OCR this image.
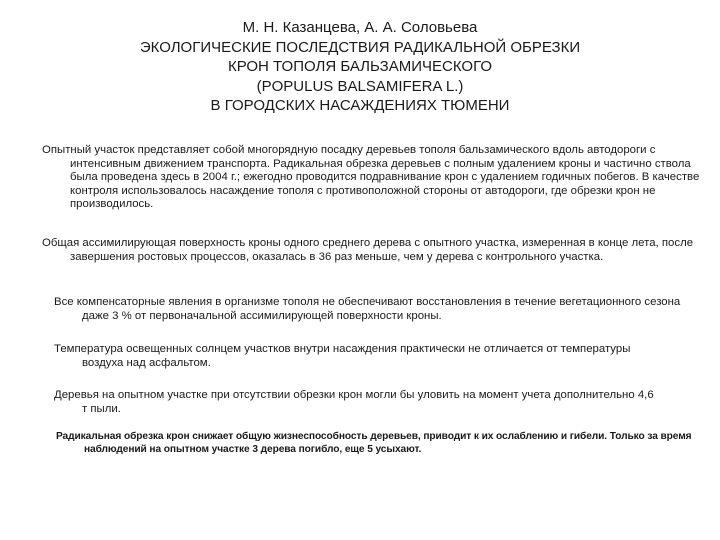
М. Н. Казанцева, А. А. Соловьева
ЭКОЛОГИЧЕСКИЕ ПОСЛЕДСТВИЯ РАДИКАЛЬНОЙ ОБРЕЗКИ
КРОН ТОПОЛЯ БАЛЬЗАМИЧЕСКОГО
(POPULUS BALSAMIFERA L.)
В ГОРОДСКИХ НАСАЖДЕНИЯХ ТЮМЕНИ
Опытный участок представляет собой многорядную посадку деревьев тополя бальзамического вдоль автодороги с интенсивным движением транспорта. Радикальная обрезка деревьев с полным удалением кроны и частично ствола была проведена здесь в 2004 г.; ежегодно проводится подравнивание крон с удалением годичных побегов. В качестве контроля использовалось насаждение тополя с противоположной стороны от автодороги, где обрезки крон не производилось.
Общая ассимилирующая поверхность кроны одного среднего дерева с опытного участка, измеренная в конце лета, после завершения ростовых процессов, оказалась в 36 раз меньше, чем у дерева с контрольного участка.
Все компенсаторные явления в организме тополя не обеспечивают восстановления в течение вегетационного сезона даже 3 % от первоначальной ассимилирующей поверхности кроны.
Температура освещенных солнцем участков внутри насаждения практически не отличается от температуры воздуха над асфальтом.
Деревья на опытном участке при отсутствии обрезки крон могли бы уловить на момент учета дополнительно 4,6 т пыли.
Радикальная обрезка крон снижает общую жизнеспособность деревьев, приводит к их ослаблению и гибели. Только за время наблюдений на опытном участке 3 дерева погибло, еще 5 усыхают.
